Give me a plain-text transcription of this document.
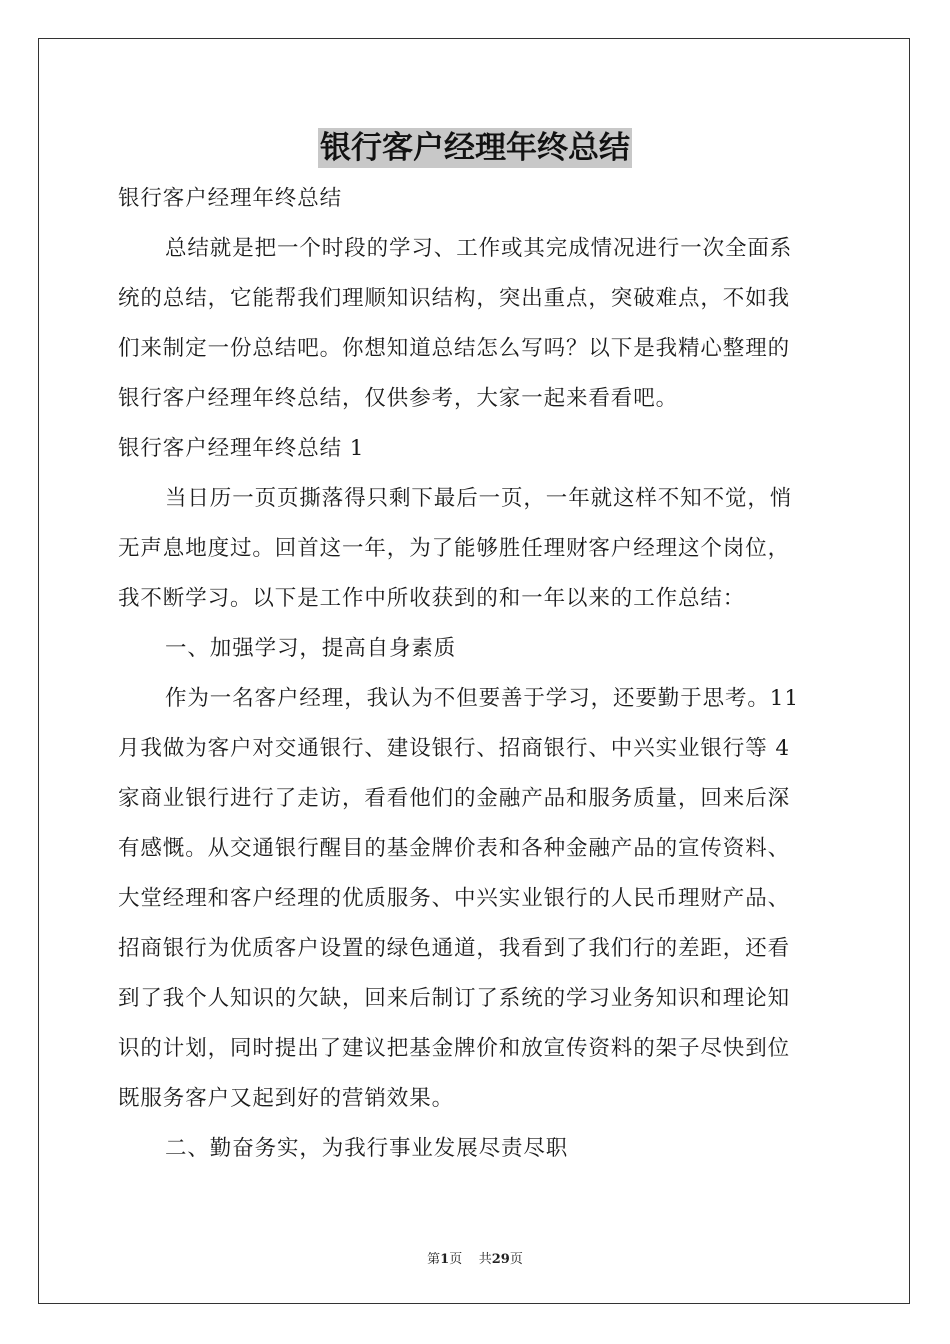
银行客户经理年终总结

银行客户经理年终总结

总结就是把一个时段的学习、工作或其完成情况进行一次全面系

统的总结，它能帮我们理顺知识结构，突出重点，突破难点，不如我

们来制定一份总结吧。你想知道总结怎么写吗？以下是我精心整理的

银行客户经理年终总结，仅供参考，大家一起来看看吧。

银行客户经理年终总结 1

当日历一页页撕落得只剩下最后一页，一年就这样不知不觉，悄

无声息地度过。回首这一年，为了能够胜任理财客户经理这个岗位，

我不断学习。以下是工作中所收获到的和一年以来的工作总结：

一、加强学习，提高自身素质

作为一名客户经理，我认为不但要善于学习，还要勤于思考。11

月我做为客户对交通银行、建设银行、招商银行、中兴实业银行等 4

家商业银行进行了走访，看看他们的金融产品和服务质量，回来后深

有感慨。从交通银行醒目的基金牌价表和各种金融产品的宣传资料、

大堂经理和客户经理的优质服务、中兴实业银行的人民币理财产品、

招商银行为优质客户设置的绿色通道，我看到了我们行的差距，还看

到了我个人知识的欠缺，回来后制订了系统的学习业务知识和理论知

识的计划，同时提出了建议把基金牌价和放宣传资料的架子尽快到位

既服务客户又起到好的营销效果。

二、勤奋务实，为我行事业发展尽责尽职

第1页 共29页
